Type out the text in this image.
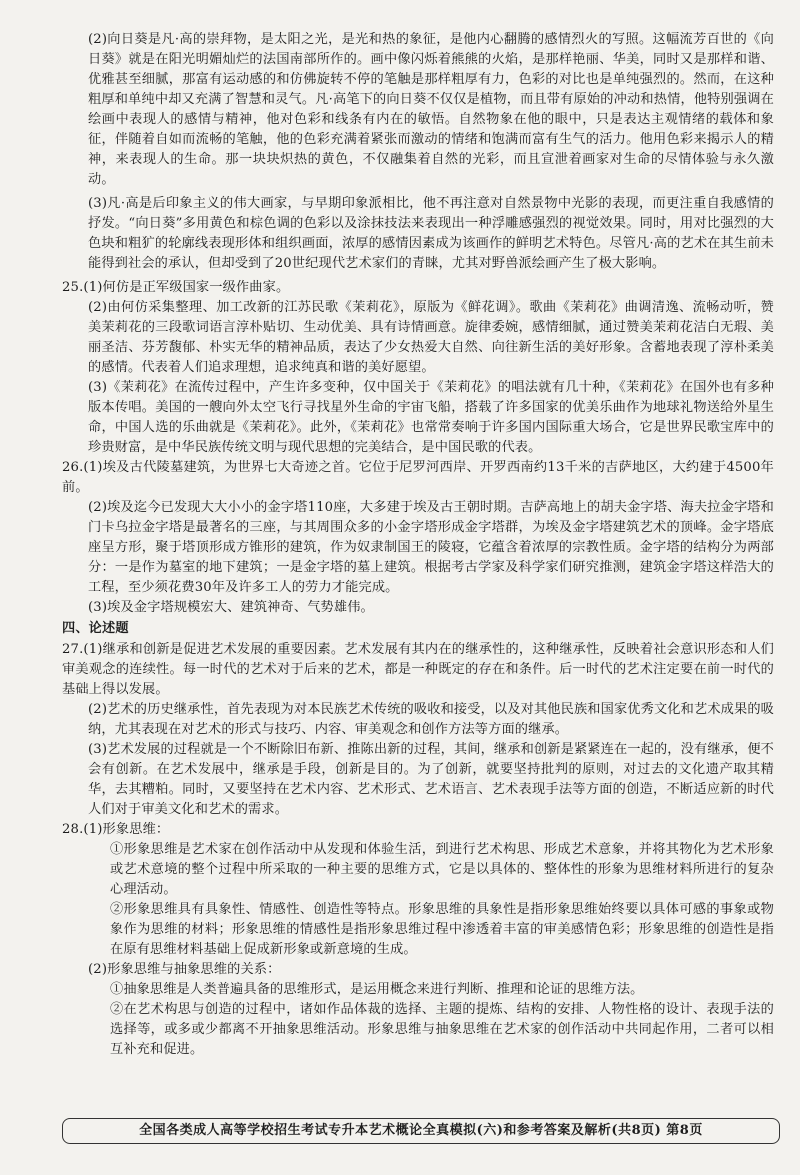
(2)向日葵是凡·高的崇拜物，是太阳之光，是光和热的象征，是他内心翻腾的感情烈火的写照。这幅流芳百世的《向日葵》就是在阳光明媚灿烂的法国南部所作的。画中像闪烁着熊熊的火焰，是那样艳丽、华美，同时又是那样和谐、优雅甚至细腻，那富有运动感的和仿佛旋转不停的笔触是那样粗厚有力，色彩的对比也是单纯强烈的。然而，在这种粗厚和单纯中却又充满了智慧和灵气。凡·高笔下的向日葵不仅仅是植物，而且带有原始的冲动和热情，他特别强调在绘画中表现人的感情与精神，他对色彩和线条有内在的敏悟。自然物象在他的眼中，只是表达主观情绪的载体和象征，伴随着自如而流畅的笔触，他的色彩充满着紧张而激动的情绪和饱满而富有生气的活力。他用色彩来揭示人的精神，来表现人的生命。那一块块炽热的黄色，不仅融集着自然的光彩，而且宣泄着画家对生命的尽情体验与永久激动。

(3)凡·高是后印象主义的伟大画家，与早期印象派相比，他不再注意对自然景物中光影的表现，而更注重自我感情的抒发。“向日葵”多用黄色和棕色调的色彩以及涂抹技法来表现出一种浮雕感强烈的视觉效果。同时，用对比强烈的大色块和粗犷的轮廓线表现形体和组织画面，浓厚的感情因素成为该画作的鲜明艺术特色。尽管凡·高的艺术在其生前未能得到社会的承认，但却受到了20世纪现代艺术家们的青睐，尤其对野兽派绘画产生了极大影响。

25.(1)何仿是正军级国家一级作曲家。

(2)由何仿采集整理、加工改新的江苏民歌《茉莉花》，原版为《鲜花调》。歌曲《茉莉花》曲调清逸、流畅动听，赞美茉莉花的三段歌词语言淳朴贴切、生动优美、具有诗情画意。旋律委婉，感情细腻，通过赞美茉莉花洁白无瑕、美丽圣洁、芬芳馥郁、朴实无华的精神品质，表达了少女热爱大自然、向往新生活的美好形象。含蓄地表现了淳朴柔美的感情。代表着人们追求理想，追求纯真和谐的美好愿望。

(3)《茉莉花》在流传过程中，产生许多变种，仅中国关于《茉莉花》的唱法就有几十种，《茉莉花》在国外也有多种版本传唱。美国的一艘向外太空飞行寻找星外生命的宇宙飞船，搭载了许多国家的优美乐曲作为地球礼物送给外星生命，中国人选的乐曲就是《茉莉花》。此外，《茉莉花》也常常奏响于许多国内国际重大场合，它是世界民歌宝库中的珍贵财富，是中华民族传统文明与现代思想的完美结合，是中国民歌的代表。

26.(1)埃及古代陵墓建筑，为世界七大奇迹之首。它位于尼罗河西岸、开罗西南约13千米的吉萨地区，大约建于4500年前。

(2)埃及迄今已发现大大小小的金字塔110座，大多建于埃及古王朝时期。吉萨高地上的胡夫金字塔、海夫拉金字塔和门卡乌拉金字塔是最著名的三座，与其周围众多的小金字塔形成金字塔群，为埃及金字塔建筑艺术的顶峰。金字塔底座呈方形，聚于塔顶形成方锥形的建筑，作为奴隶制国王的陵寝，它蕴含着浓厚的宗教性质。金字塔的结构分为两部分：一是作为墓室的地下建筑；一是金字塔的墓上建筑。根据考古学家及科学家们研究推测，建筑金字塔这样浩大的工程，至少须花费30年及许多工人的劳力才能完成。

(3)埃及金字塔规模宏大、建筑神奇、气势雄伟。

四、论述题

27.(1)继承和创新是促进艺术发展的重要因素。艺术发展有其内在的继承性的，这种继承性，反映着社会意识形态和人们审美观念的连续性。每一时代的艺术对于后来的艺术，都是一种既定的存在和条件。后一时代的艺术注定要在前一时代的基础上得以发展。

(2)艺术的历史继承性，首先表现为对本民族艺术传统的吸收和接受，以及对其他民族和国家优秀文化和艺术成果的吸纳，尤其表现在对艺术的形式与技巧、内容、审美观念和创作方法等方面的继承。

(3)艺术发展的过程就是一个不断除旧布新、推陈出新的过程，其间，继承和创新是紧紧连在一起的，没有继承，便不会有创新。在艺术发展中，继承是手段，创新是目的。为了创新，就要坚持批判的原则，对过去的文化遗产取其精华，去其糟粕。同时，又要坚持在艺术内容、艺术形式、艺术语言、艺术表现手法等方面的创造，不断适应新的时代人们对于审美文化和艺术的需求。

28.(1)形象思维：

①形象思维是艺术家在创作活动中从发现和体验生活，到进行艺术构思、形成艺术意象，并将其物化为艺术形象或艺术意境的整个过程中所采取的一种主要的思维方式，它是以具体的、整体性的形象为思维材料所进行的复杂心理活动。

②形象思维具有具象性、情感性、创造性等特点。形象思维的具象性是指形象思维始终要以具体可感的事象或物象作为思维的材料；形象思维的情感性是指形象思维过程中渗透着丰富的审美感情色彩；形象思维的创造性是指在原有思维材料基础上促成新形象或新意境的生成。

(2)形象思维与抽象思维的关系：

①抽象思维是人类普遍具备的思维形式，是运用概念来进行判断、推理和论证的思维方法。

②在艺术构思与创造的过程中，诸如作品体裁的选择、主题的提炼、结构的安排、人物性格的设计、表现手法的选择等，或多或少都离不开抽象思维活动。形象思维与抽象思维在艺术家的创作活动中共同起作用，二者可以相互补充和促进。

全国各类成人高等学校招生考试专升本艺术概论全真模拟(六)和参考答案及解析(共8页) 第8页
